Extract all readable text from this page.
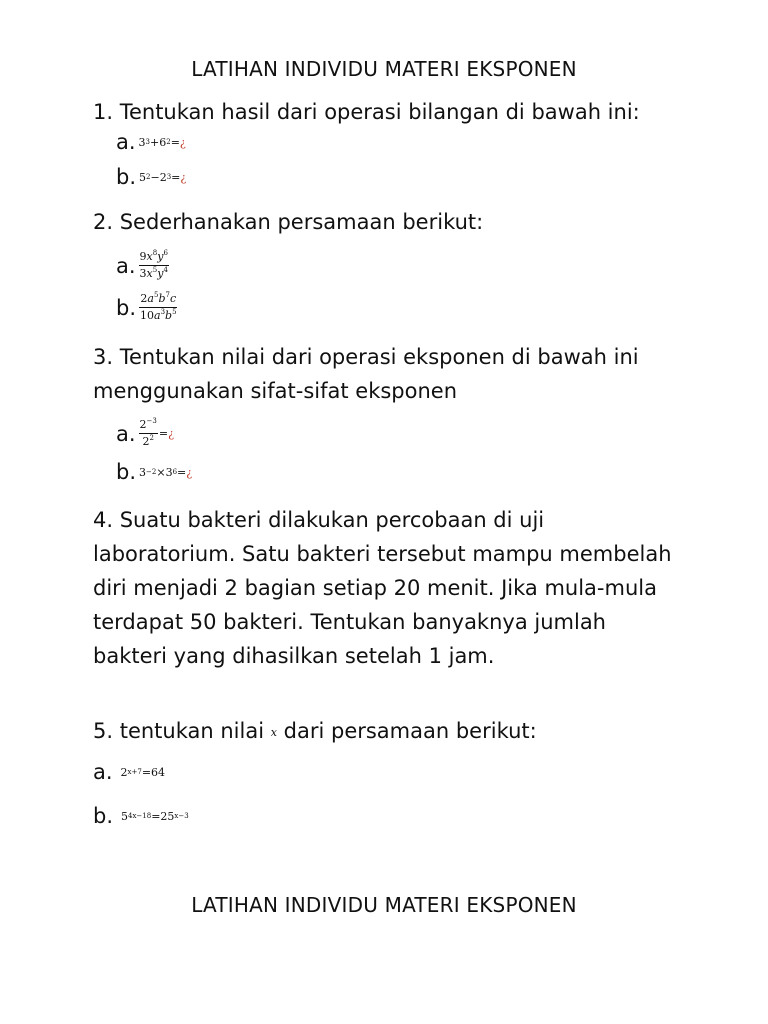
LATIHAN INDIVIDU MATERI EKSPONEN
1. Tentukan hasil dari operasi bilangan di bawah ini:
a. 3 3 + 6 2 = ¿
b. 5 2 − 2 3 = ¿
2. Sederhanakan persamaan berikut:
a. $\frac{9x^8y^6}{3x^5y^4}$
b. $\frac{2a^5b^7c}{10a^3b^5}$
3. Tentukan nilai dari operasi eksponen di bawah ini menggunakan sifat-sifat eksponen
a. $\frac{2^{-3}}{2^2}$ = ¿
b. 3 −2 × 3 6 = ¿
4. Suatu bakteri dilakukan percobaan di uji laboratorium. Satu bakteri tersebut mampu membelah diri menjadi 2 bagian setiap 20 menit. Jika mula-mula terdapat 50 bakteri. Tentukan banyaknya jumlah bakteri yang dihasilkan setelah 1 jam.
5. tentukan nilai x dari persamaan berikut:
a. 2 x+7 = 64
b. 5 4x−18 = 25 x−3
LATIHAN INDIVIDU MATERI EKSPONEN
